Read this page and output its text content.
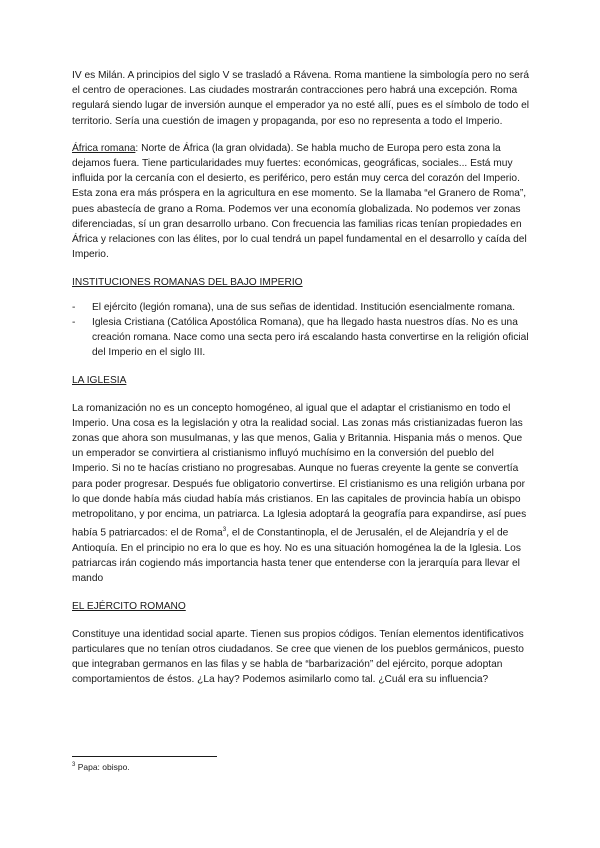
IV es Milán. A principios del siglo V se trasladó a Rávena. Roma mantiene la simbología pero no será el centro de operaciones. Las ciudades mostrarán contracciones pero habrá una excepción. Roma regulará siendo lugar de inversión aunque el emperador ya no esté allí, pues es el símbolo de todo el territorio. Sería una cuestión de imagen y propaganda, por eso no representa a todo el Imperio.

África romana: Norte de África (la gran olvidada). Se habla mucho de Europa pero esta zona la dejamos fuera. Tiene particularidades muy fuertes: económicas, geográficas, sociales... Está muy influida por la cercanía con el desierto, es periférico, pero están muy cerca del corazón del Imperio. Esta zona era más próspera en la agricultura en ese momento. Se la llamaba “el Granero de Roma”, pues abastecía de grano a Roma. Podemos ver una economía globalizada. No podemos ver zonas diferenciadas, sí un gran desarrollo urbano. Con frecuencia las familias ricas tenían propiedades en África y relaciones con las élites, por lo cual tendrá un papel fundamental en el desarrollo y caída del Imperio.

INSTITUCIONES ROMANAS DEL BAJO IMPERIO

- El ejército (legión romana), una de sus señas de identidad. Institución esencialmente romana.
- Iglesia Cristiana (Católica Apostólica Romana), que ha llegado hasta nuestros días. No es una creación romana. Nace como una secta pero irá escalando hasta convertirse en la religión oficial del Imperio en el siglo III.

LA IGLESIA

La romanización no es un concepto homogéneo, al igual que el adaptar el cristianismo en todo el Imperio. Una cosa es la legislación y otra la realidad social. Las zonas más cristianizadas fueron las zonas que ahora son musulmanas, y las que menos, Galia y Britannia. Hispania más o menos. Que un emperador se convirtiera al cristianismo influyó muchísimo en la conversión del pueblo del Imperio. Si no te hacías cristiano no progresabas. Aunque no fueras creyente la gente se convertía para poder progresar. Después fue obligatorio convertirse. El cristianismo es una religión urbana por lo que donde había más ciudad había más cristianos. En las capitales de provincia había un obispo metropolitano, y por encima, un patriarca. La Iglesia adoptará la geografía para expandirse, así pues había 5 patriarcados: el de Roma$^3$, el de Constantinopla, el de Jerusalén, el de Alejandría y el de Antioquía. En el principio no era lo que es hoy. No es una situación homogénea la de la Iglesia. Los patriarcas irán cogiendo más importancia hasta tener que entenderse con la jerarquía para llevar el mando

EL EJÉRCITO ROMANO

Constituye una identidad social aparte. Tienen sus propios códigos. Tenían elementos identificativos particulares que no tenían otros ciudadanos. Se cree que vienen de los pueblos germánicos, puesto que integraban germanos en las filas y se habla de “barbarización” del ejército, porque adoptan comportamientos de éstos. ¿La hay? Podemos asimilarlo como tal. ¿Cuál era su influencia?

$^3$ Papa: obispo.
